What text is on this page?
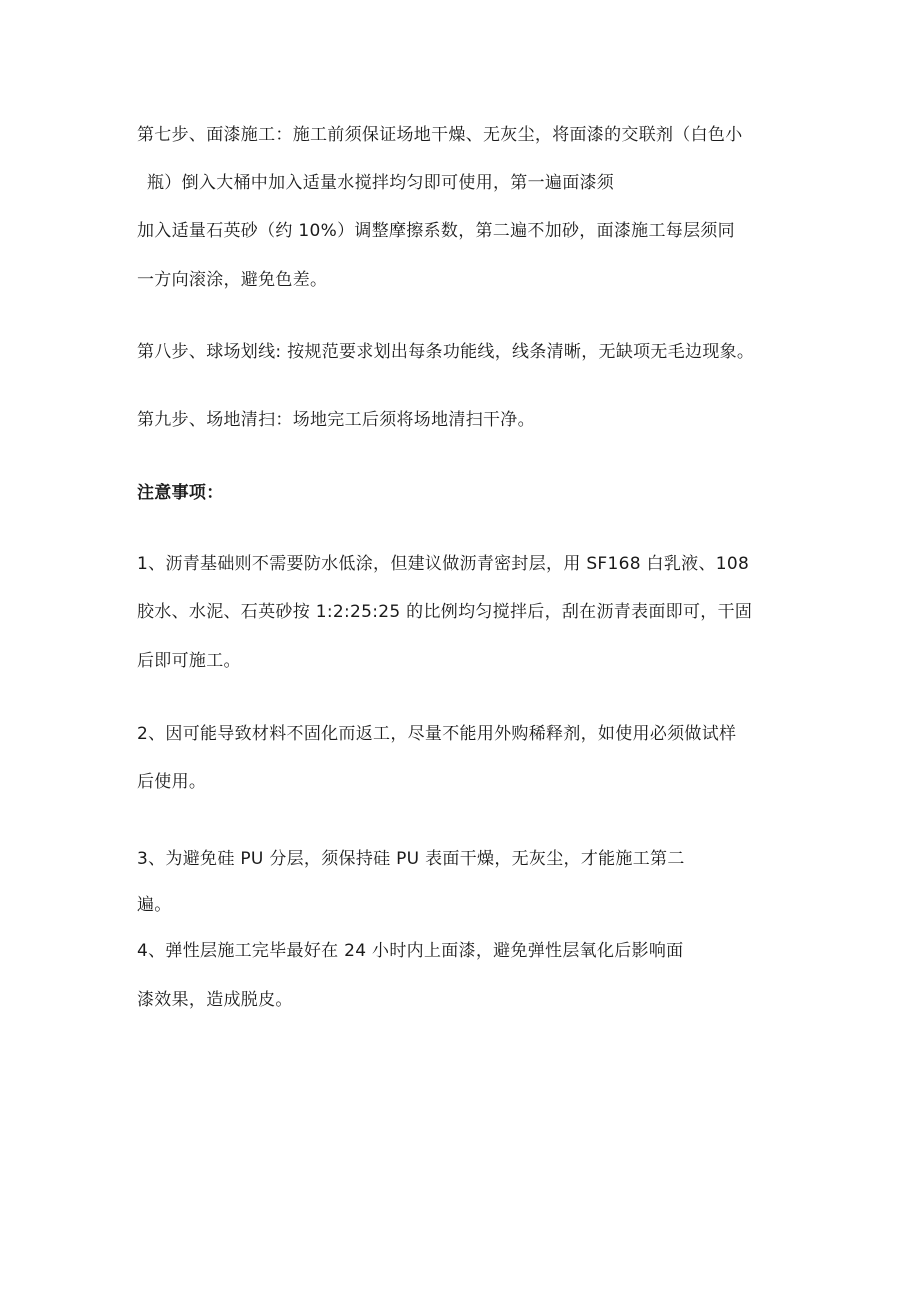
第七步、面漆施工：施工前须保证场地干燥、无灰尘，将面漆的交联剂（白色小
瓶）倒入大桶中加入适量水搅拌均匀即可使用，第一遍面漆须
加入适量石英砂（约 10%）调整摩擦系数，第二遍不加砂，面漆施工每层须同
一方向滚涂，避免色差。
第八步、球场划线: 按规范要求划出每条功能线，线条清晰，无缺项无毛边现象。
第九步、场地清扫：场地完工后须将场地清扫干净。
注意事项：
1、沥青基础则不需要防水低涂，但建议做沥青密封层，用 SF168 白乳液、108
胶水、水泥、石英砂按 1:2:25:25 的比例均匀搅拌后，刮在沥青表面即可，干固
后即可施工。
2、因可能导致材料不固化而返工，尽量不能用外购稀释剂，如使用必须做试样
后使用。
3、为避免硅 PU 分层，须保持硅 PU 表面干燥，无灰尘，才能施工第二
遍。
4、弹性层施工完毕最好在 24 小时内上面漆，避免弹性层氧化后影响面
漆效果，造成脱皮。
